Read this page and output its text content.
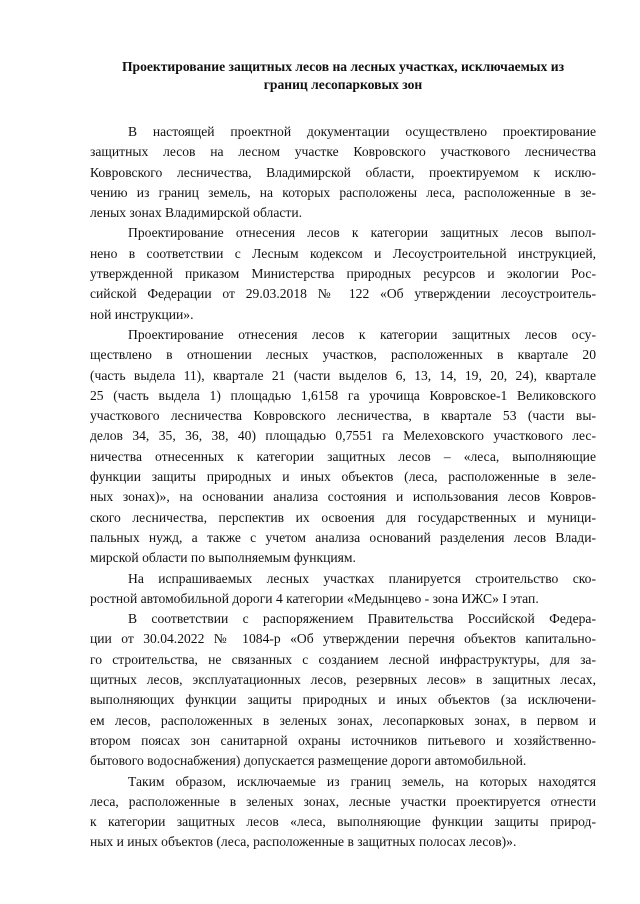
Проектирование защитных лесов на лесных участках, исключаемых из
границ лесопарковых зон

В настоящей проектной документации осуществлено проектирование
защитных лесов на лесном участке Ковровского участкового лесничества
Ковровского лесничества, Владимирской области, проектируемом к исклю-
чению из границ земель, на которых расположены леса, расположенные в зе-
леных зонах Владимирской области.

Проектирование отнесения лесов к категории защитных лесов выпол-
нено в соответствии с Лесным кодексом и Лесоустроительной инструкцией,
утвержденной приказом Министерства природных ресурсов и экологии Рос-
сийской Федерации от 29.03.2018 № 122 «Об утверждении лесоустроитель-
ной инструкции».

Проектирование отнесения лесов к категории защитных лесов осу-
ществлено в отношении лесных участков, расположенных в квартале 20
(часть выдела 11), квартале 21 (части выделов 6, 13, 14, 19, 20, 24), квартале
25 (часть выдела 1) площадью 1,6158 га урочища Ковровское-1 Великовского
участкового лесничества Ковровского лесничества, в квартале 53 (части вы-
делов 34, 35, 36, 38, 40) площадью 0,7551 га Мелеховского участкового лес-
ничества отнесенных к категории защитных лесов – «леса, выполняющие
функции защиты природных и иных объектов (леса, расположенные в зеле-
ных зонах)», на основании анализа состояния и использования лесов Ковров-
ского лесничества, перспектив их освоения для государственных и муници-
пальных нужд, а также с учетом анализа оснований разделения лесов Влади-
мирской области по выполняемым функциям.

На испрашиваемых лесных участках планируется строительство ско-
ростной автомобильной дороги 4 категории «Медынцево - зона ИЖС» I этап.

В соответствии с распоряжением Правительства Российской Федера-
ции от 30.04.2022 № 1084-р «Об утверждении перечня объектов капитально-
го строительства, не связанных с созданием лесной инфраструктуры, для за-
щитных лесов, эксплуатационных лесов, резервных лесов» в защитных лесах,
выполняющих функции защиты природных и иных объектов (за исключени-
ем лесов, расположенных в зеленых зонах, лесопарковых зонах, в первом и
втором поясах зон санитарной охраны источников питьевого и хозяйственно-
бытового водоснабжения) допускается размещение дороги автомобильной.

Таким образом, исключаемые из границ земель, на которых находятся
леса, расположенные в зеленых зонах, лесные участки проектируется отнести
к категории защитных лесов «леса, выполняющие функции защиты природ-
ных и иных объектов (леса, расположенные в защитных полосах лесов)».
